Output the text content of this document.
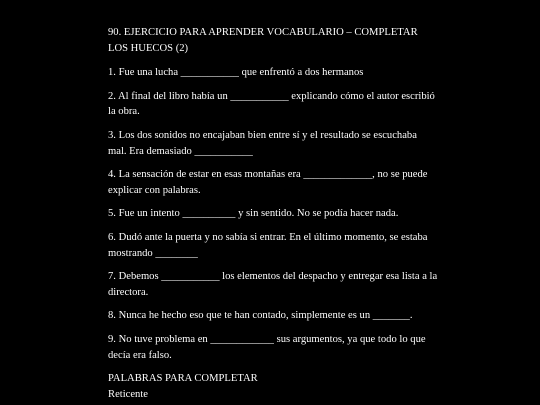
90. EJERCICIO PARA APRENDER VOCABULARIO – COMPLETAR LOS HUECOS (2)

1. Fue una lucha ___________ que enfrentó a dos hermanos

2. Al final del libro había un ___________ explicando cómo el autor escribió la obra.

3. Los dos sonidos no encajaban bien entre sí y el resultado se escuchaba mal. Era demasiado ___________

4. La sensación de estar en esas montañas era _____________, no se puede explicar con palabras.

5. Fue un intento __________ y sin sentido. No se podía hacer nada.

6. Dudó ante la puerta y no sabía si entrar. En el último momento, se estaba mostrando ________

7. Debemos ___________ los elementos del despacho y entregar esa lista a la directora.

8. Nunca he hecho eso que te han contado, simplemente es un _______.

9. No tuve problema en ____________ sus argumentos, ya que todo lo que decía era falso.

PALABRAS PARA COMPLETAR

Reticente
